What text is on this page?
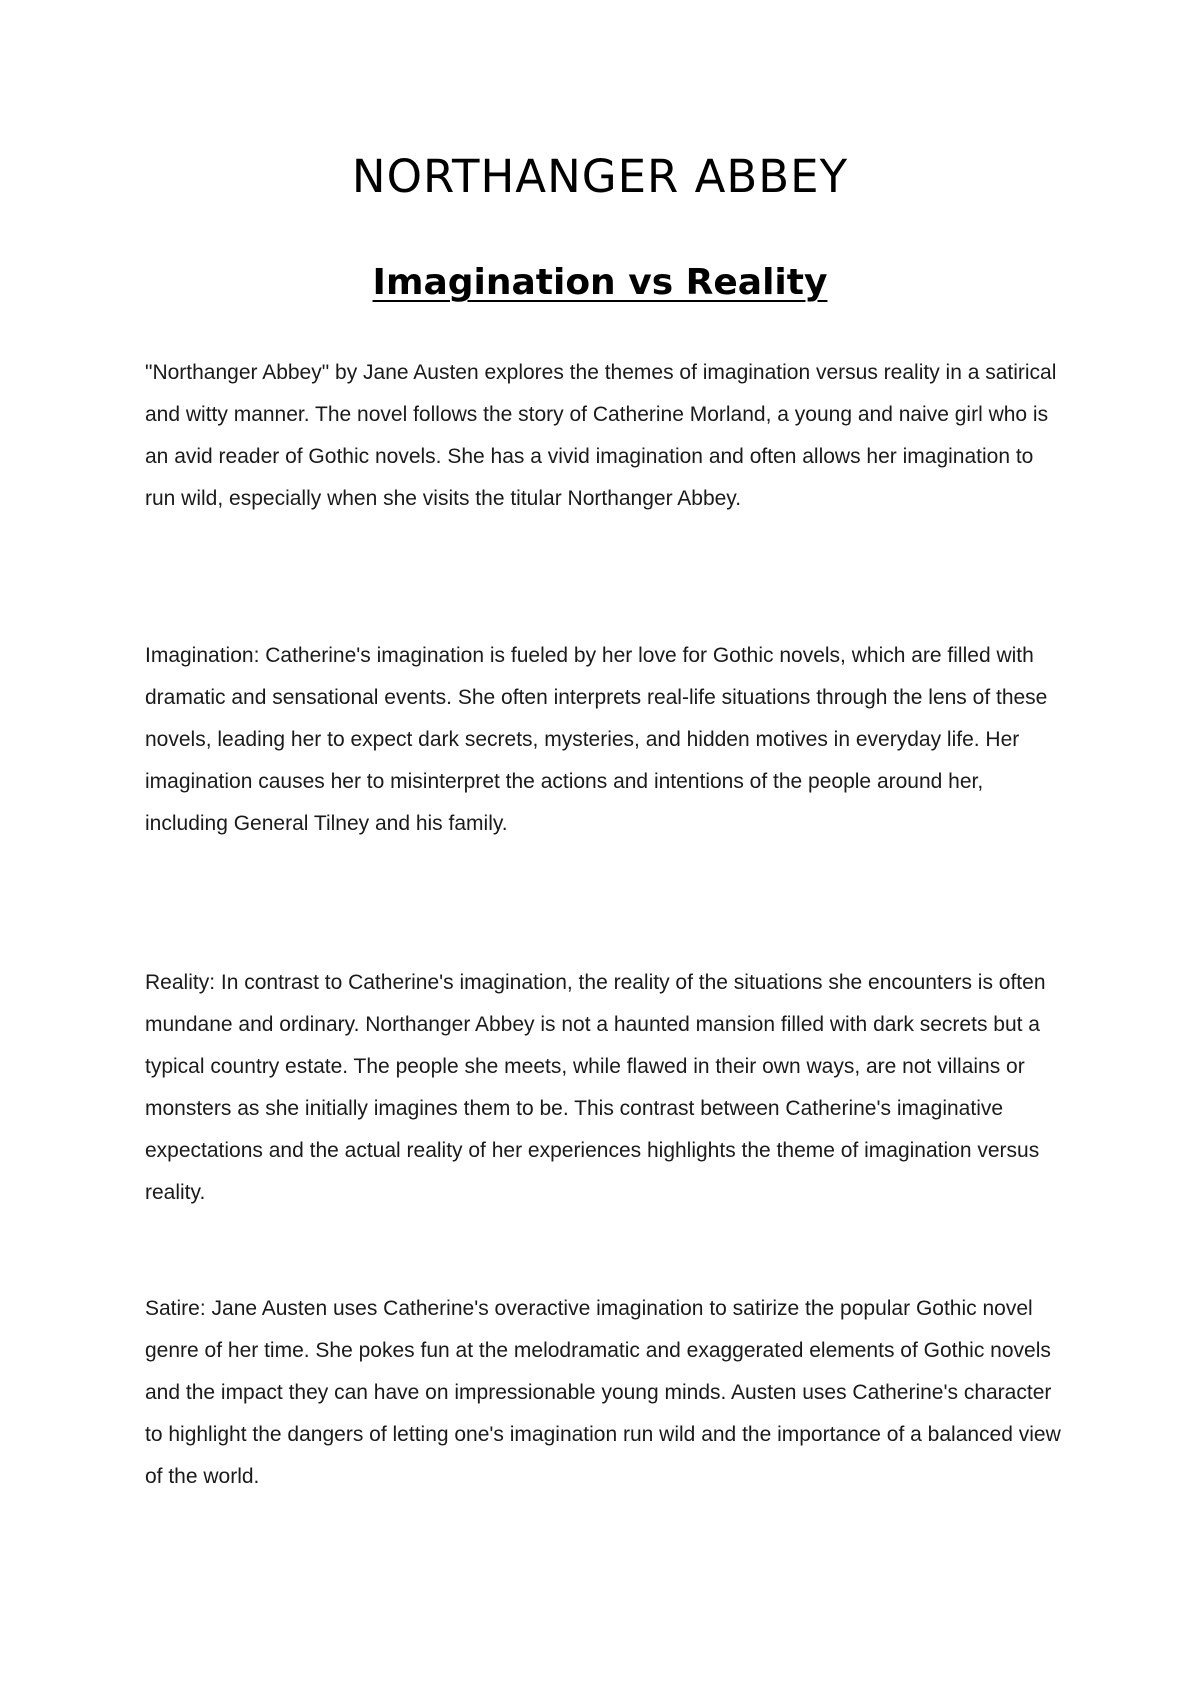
NORTHANGER ABBEY
Imagination vs Reality

"Northanger Abbey" by Jane Austen explores the themes of imagination versus reality in a satirical and witty manner. The novel follows the story of Catherine Morland, a young and naive girl who is an avid reader of Gothic novels. She has a vivid imagination and often allows her imagination to run wild, especially when she visits the titular Northanger Abbey.

Imagination: Catherine's imagination is fueled by her love for Gothic novels, which are filled with dramatic and sensational events. She often interprets real-life situations through the lens of these novels, leading her to expect dark secrets, mysteries, and hidden motives in everyday life. Her imagination causes her to misinterpret the actions and intentions of the people around her, including General Tilney and his family.

Reality: In contrast to Catherine's imagination, the reality of the situations she encounters is often mundane and ordinary. Northanger Abbey is not a haunted mansion filled with dark secrets but a typical country estate. The people she meets, while flawed in their own ways, are not villains or monsters as she initially imagines them to be. This contrast between Catherine's imaginative expectations and the actual reality of her experiences highlights the theme of imagination versus reality.

Satire: Jane Austen uses Catherine's overactive imagination to satirize the popular Gothic novel genre of her time. She pokes fun at the melodramatic and exaggerated elements of Gothic novels and the impact they can have on impressionable young minds. Austen uses Catherine's character to highlight the dangers of letting one's imagination run wild and the importance of a balanced view of the world.
